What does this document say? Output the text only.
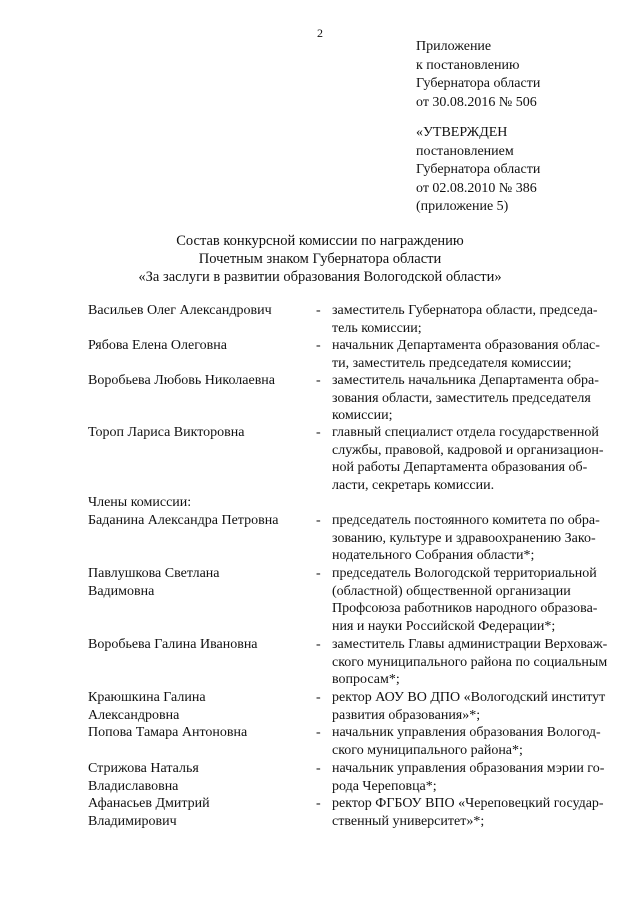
2
Приложение
к постановлению
Губернатора области
от 30.08.2016 № 506
«УТВЕРЖДЕН
постановлением
Губернатора области
от 02.08.2010 № 386
(приложение 5)
Состав конкурсной комиссии по награждению
Почетным знаком Губернатора области
«За заслуги в развитии образования Вологодской области»
Васильев Олег Александрович	- заместитель Губернатора области, председа-
тель комиссии;
Рябова Елена Олеговна	- начальник Департамента образования облас-
ти, заместитель председателя комиссии;
Воробьева Любовь Николаевна	- заместитель начальника Департамента обра-
зования области, заместитель председателя
комиссии;
Тороп Лариса Викторовна	- главный специалист отдела государственной
службы, правовой, кадровой и организацион-
ной работы Департамента образования об-
ласти, секретарь комиссии.
Члены комиссии:
Баданина Александра Петровна	- председатель постоянного комитета по обра-
зованию, культуре и здравоохранению Зако-
нодательного Собрания области*;
Павлушкова Светлана
Вадимовна
- председатель Вологодской территориальной
(областной) общественной организации
Профсоюза работников народного образова-
ния и науки Российской Федерации*;
Воробьева Галина Ивановна	- заместитель Главы администрации Верховаж-
ского муниципального района по социальным
вопросам*;
Краюшкина Галина
Александровна
- ректор АОУ ВО ДПО «Вологодский институт
развития образования»*;
Попова Тамара Антоновна	- начальник управления образования Вологод-
ского муниципального района*;
Стрижова Наталья
Владиславовна
- начальник управления образования мэрии го-
рода Череповца*;
Афанасьев Дмитрий
Владимирович
- ректор ФГБОУ ВПО «Череповецкий государ-
ственный университет»*;
